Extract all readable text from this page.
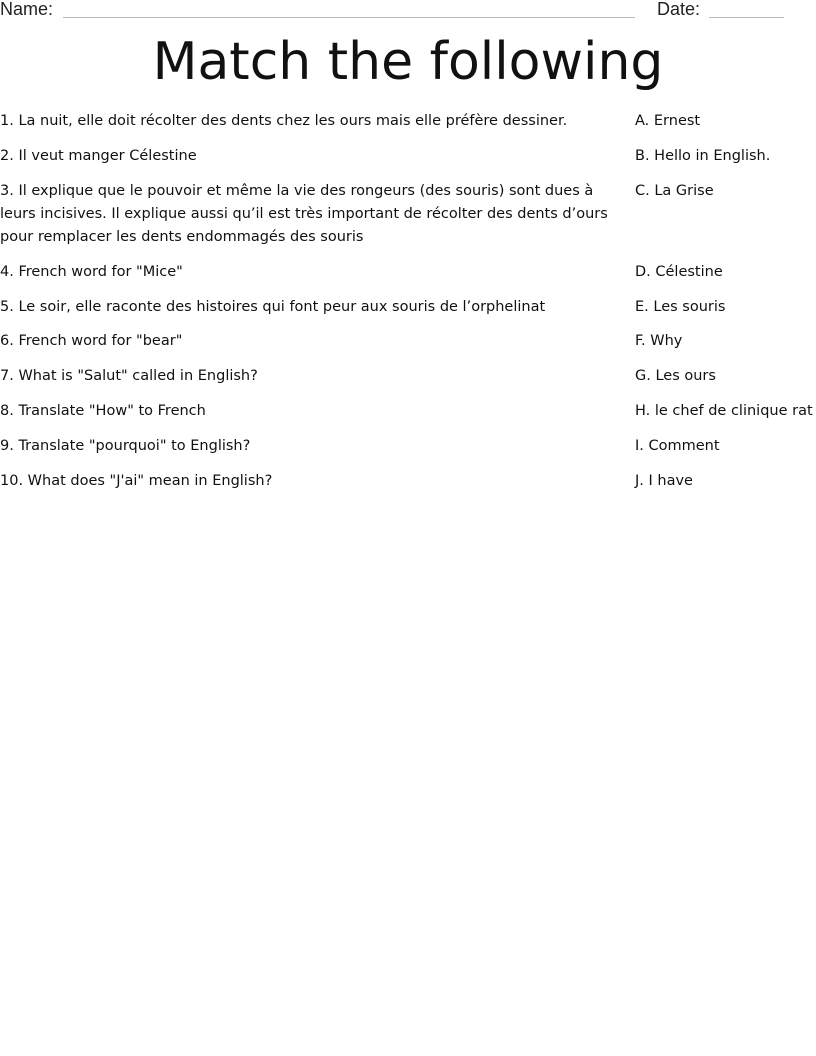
Name:	Date:
Match the following
1. La nuit, elle doit récolter des dents chez les ours mais elle préfère dessiner.
2. Il veut manger Célestine
3. Il explique que le pouvoir et même la vie des rongeurs (des souris) sont dues à leurs incisives. Il explique aussi qu’il est très important de récolter des dents d’ours pour remplacer les dents endommagés des souris
4. French word for "Mice"
5. Le soir, elle raconte des histoires qui font peur aux souris de l’orphelinat
6. French word for "bear"
7. What is "Salut" called in English?
8. Translate "How" to French
9. Translate "pourquoi" to English?
10. What does "J'ai" mean in English?
A. Ernest
B. Hello in English.
C. La Grise
D. Célestine
E. Les souris
F. Why
G. Les ours
H. le chef de clinique rat
I. Comment
J. I have
